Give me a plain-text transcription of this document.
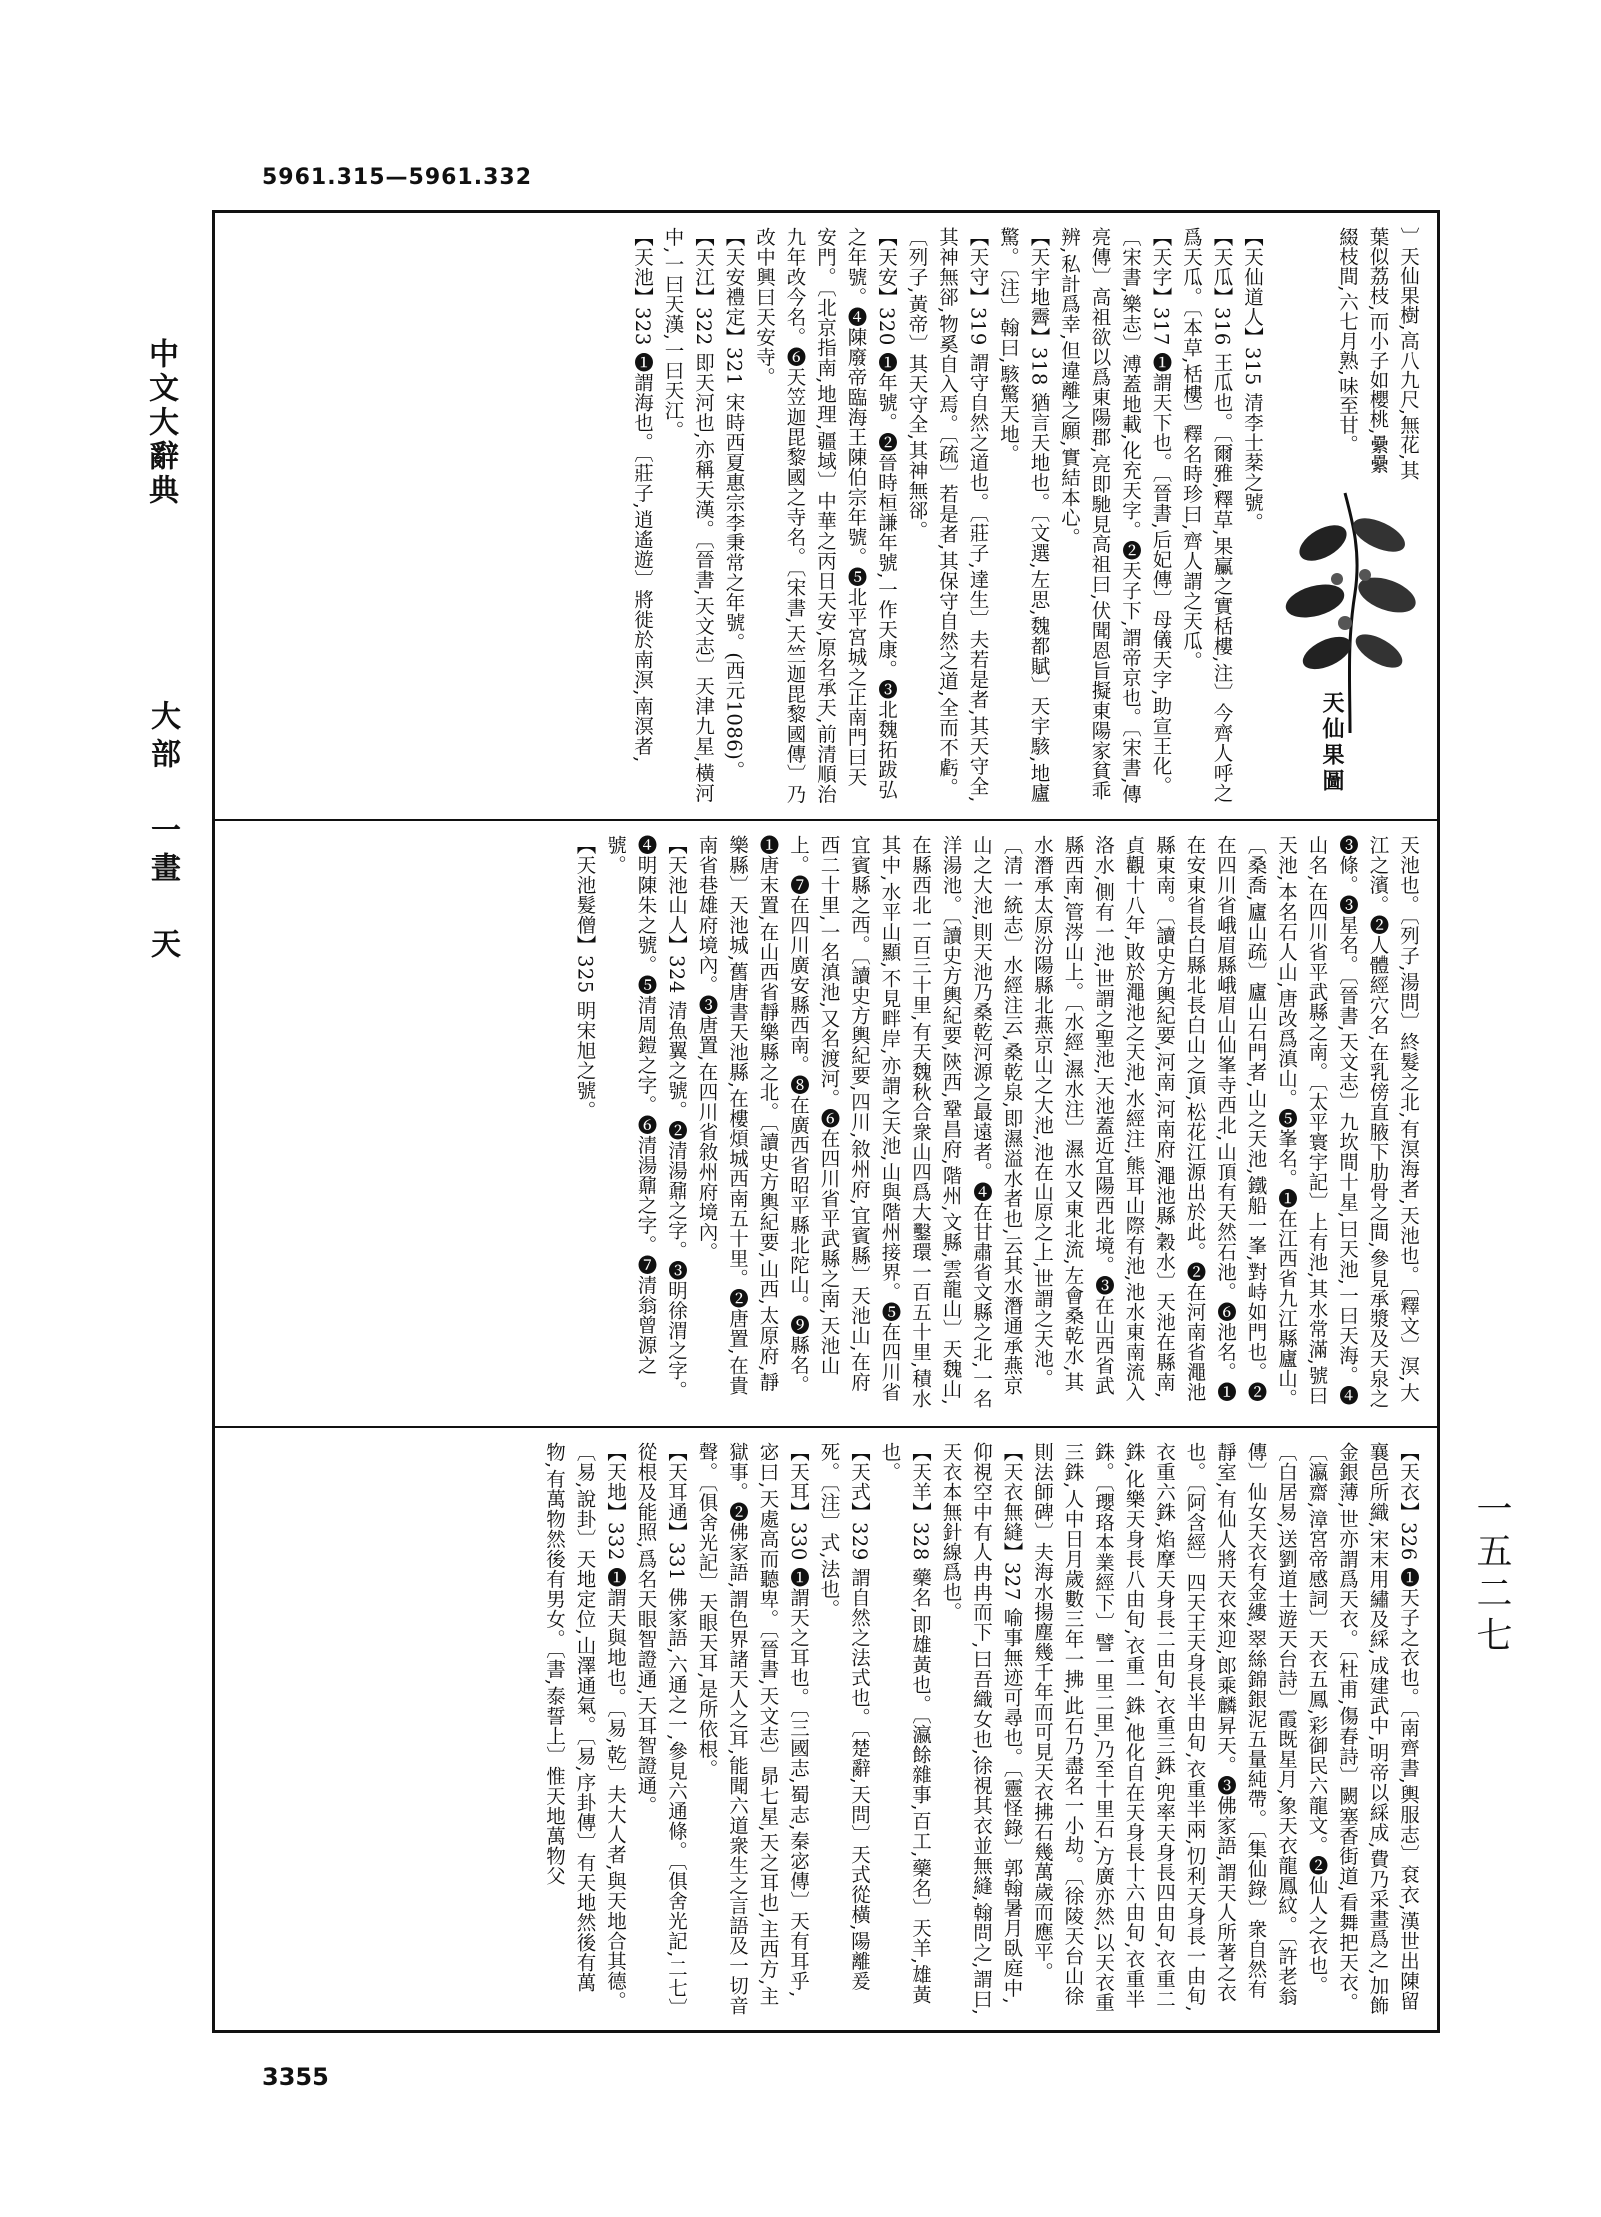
5961.315—5961.332
中文大辭典
大部　一畫　天
一五二七
〕天仙果樹,高八九尺,無花,其葉似荔枝,而小子如櫻桃,纍纍綴枝間,六七月熟,味至甘。
天仙果圖
【天仙道人】315 清李士棻之號。
【天瓜】316 王瓜也。〔爾雅,釋草,果臝之實栝樓,注〕今齊人呼之爲天瓜。〔本草,栝樓〕釋名時珍曰,齊人謂之天瓜。
【天字】317 ❶謂天下也。〔晉書,后妃傳〕母儀天字,助宣王化。〔宋書,樂志〕溥蓋地載,化充天字。❷天子下,謂帝京也。〔宋書,傳亮傳〕高祖欲以爲東陽郡,亮即馳見高祖曰,伏聞恩旨擬東陽家貧乖辨,私計爲幸,但違離之願,實結本心。
【天宇地霽】318 猶言天地也。〔文選,左思,魏都賦〕天宇駭,地廬驚。〔注〕翰曰,駭驚天地。
【天守】319 謂守自然之道也。〔莊子,達生〕夫若是者,其天守全,其神無郤,物奚自入焉。〔疏〕若是者,其保守自然之道,全而不虧。〔列子,黃帝〕其天守全,其神無郤。
【天安】320 ❶年號。❷晉時桓謙年號,一作天康。❸北魏拓跋弘之年號。❹陳廢帝臨海王陳伯宗年號。❺北平宮城之正南門曰天安門。〔北京指南,地理,疆域〕中華之丙日天安,原名承天,前清順治九年改今名。❻天笠迦毘黎國之寺名。〔宋書,天竺迦毘黎國傳〕乃改中興曰天安寺。
【天安禮定】321 宋時西夏惠宗李秉常之年號。(西元1086)。
【天江】322 即天河也,亦稱天漢。〔晉書,天文志〕天津九星,橫河中,一曰天漢,一曰天江。
【天池】323 ❶謂海也。〔莊子,逍遙遊〕將徙於南溟,南溟者,
天池也。〔列子,湯問〕終髮之北,有溟海者,天池也。〔釋文〕溟,大江之濱。❷人體經穴名,在乳傍直腋下肋骨之間,參見承漿及天泉之❸條。❸星名。〔晉書,天文志〕九坎間十星,曰天池,一曰天海。❹山名,在四川省平武縣之南。〔太平寰宇記〕上有池,其水常滿,號曰天池,本名石人山,唐改爲滇山。❺峯名。❶在江西省九江縣廬山。〔桑喬,廬山疏〕廬山石門者,山之天池,鐵船一峯,對峙如門也。❷在四川省峨眉縣峨眉山仙峯寺西北,山頂有天然石池。❻池名。❶在安東省長白縣北長白山之頂,松花江源出於此。❷在河南省澠池縣東南。〔讀史方輿紀要,河南,河南府,澠池縣,穀水〕天池在縣南,貞觀十八年,敗於澠池之天池,水經注,熊耳山際有池,池水東南流入洛水,側有一池,世謂之聖池,天池蓋近宜陽西北境。❸在山西省武縣西南,管涔山上。〔水經,濕水注〕濕水又東北流,左會桑乾水,其水潛承太原汾陽縣北燕京山之大池,池在山原之上,世謂之天池。〔清一統志〕水經注云,桑乾泉,即濕溢水者也,云其水潛通承燕京山之大池,則天池乃桑乾河源之最遠者。❹在甘肅省文縣之北,一名洋湯池。〔讀史方輿紀要,陝西,鞏昌府,階州,文縣,雲龍山〕天魏山,在縣西北一百三十里,有天魏秋合衆山四爲大鑿環一百五十里,積水其中,水平山顯,不見畔岸,亦謂之天池,山與階州接界。❺在四川省宜賓縣之西。〔讀史方輿紀要,四川,敘州府,宜賓縣〕天池山,在府西二十里,一名滇池,又名渡河。❻在四川省平武縣之南,天池山上。❼在四川廣安縣西南。❽在廣西省昭平縣北陀山。❾縣名。❶唐末置,在山西省靜樂縣之北。〔讀史方輿紀要,山西,太原府,靜樂縣〕天池城,舊唐書天池縣,在樓煩城西南五十里。❷唐置,在貴南省巷雄府境內。❸唐置,在四川省敘州府境內。
【天池山人】324 清魚翼之號。❷清湯鼐之字。❸明徐渭之字。❹明陳朱之號。❺清周鎧之字。❻清湯鼐之字。❼清翁曾源之號。
【天池髮僧】325 明宋旭之號。
【天衣】326 ❶天子之衣也。〔南齊書,輿服志〕袞衣,漢世出陳留襄邑所織,宋末用繡及綵,成建武中,明帝以綵成,費乃采畫爲之,加飾金銀薄,世亦謂爲天衣。〔杜甫,傷春詩〕闕塞香街道,看舞把天衣。〔瀛齋,漳宮帝感詞〕天衣五鳳,彩御民六龍文。❷仙人之衣也。〔白居易,送劉道士遊天台詩〕霞既星月,象天衣龍鳳紋。〔許老翁傳〕仙女天衣有金縷,翠絲錦銀泥五量純帶。〔集仙錄〕衆自然有靜室,有仙人將天衣來迎,郎乘麟昇天。❸佛家語,謂天人所著之衣也。〔阿含經〕四天王天身長半由旬,衣重半兩,忉利天身長一由旬,衣重六銖,焰摩天身長二由旬,衣重三銖,兜率天身長四由旬,衣重二銖,化樂天身長八由旬,衣重一銖,他化自在天身長十六由旬,衣重半銖。〔瓔珞本業經下〕譬一里二里,乃至十里石,方廣亦然,以天衣重三銖,人中日月歲數三年一拂,此石乃盡名一小劫。〔徐陵天台山徐則法師碑〕夫海水揚塵幾千年而可見天衣拂石幾萬歲而應平。
【天衣無縫】327 喻事無迹可尋也。〔靈怪錄〕郭翰暑月臥庭中,仰視空中有人冉冉而下,曰吾織女也,徐視其衣並無縫,翰問之,謂曰,天衣本無針線爲也。
【天羊】328 藥名,即雄黃也。〔瀛餘雜事,百工,藥名〕天羊,雄黃也。
【天式】329 謂自然之法式也。〔楚辭,天問〕天式從橫,陽離爰死。〔注〕式,法也。
【天耳】330 ❶謂天之耳也。〔三國志,蜀志,秦宓傳〕天有耳乎,宓曰,天處高而聽卑。〔晉書,天文志〕昴七星,天之耳也,主西方,主獄事。❷佛家語,謂色界諸天人之耳,能聞六道衆生之言語及一切音聲。〔俱舍光記〕天眼天耳,是所依根。
【天耳通】331 佛家語,六通之一,參見六通條。〔俱舍光記,二七〕從根及能照,爲名天眼智證通,天耳智證通。
【天地】332 ❶謂天與地也。〔易,乾〕夫大人者,與天地合其德。〔易,說卦〕天地定位,山澤通氣。〔易,序卦傳〕有天地然後有萬物,有萬物然後有男女。〔書,泰誓上〕惟天地萬物父
3355
